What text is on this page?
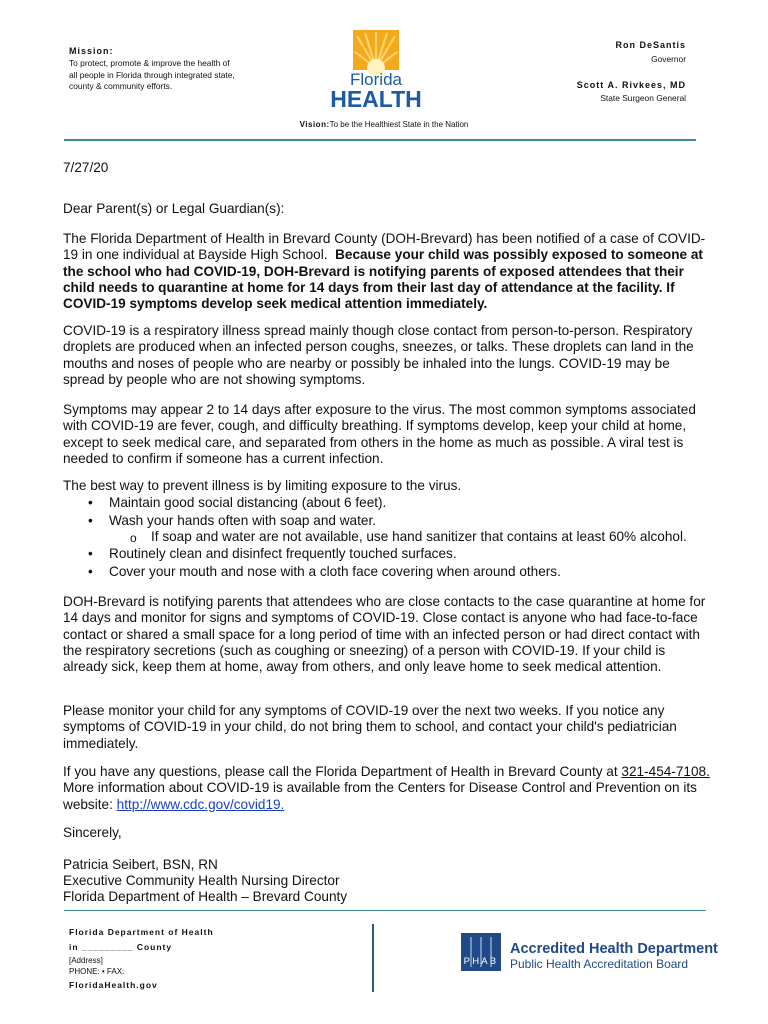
Mission:
To protect, promote & improve the health of all people in Florida through integrated state, county & community efforts.	Florida
HEALTH
Ron DeSantis
Governor
Scott A. Rivkees, MD
State Surgeon General
Vision:To be the Healthiest State in the Nation
7/27/20
Dear Parent(s) or Legal Guardian(s):
The Florida Department of Health in Brevard County (DOH-Brevard) has been notified of a case of COVID-19 in one individual at Bayside High School. Because your child was possibly exposed to someone at the school who had COVID-19, DOH-Brevard is notifying parents of exposed attendees that their child needs to quarantine at home for 14 days from their last day of attendance at the facility. If COVID-19 symptoms develop seek medical attention immediately.
COVID-19 is a respiratory illness spread mainly though close contact from person-to-person. Respiratory droplets are produced when an infected person coughs, sneezes, or talks. These droplets can land in the mouths and noses of people who are nearby or possibly be inhaled into the lungs. COVID-19 may be spread by people who are not showing symptoms.
Symptoms may appear 2 to 14 days after exposure to the virus. The most common symptoms associated with COVID-19 are fever, cough, and difficulty breathing. If symptoms develop, keep your child at home, except to seek medical care, and separated from others in the home as much as possible. A viral test is needed to confirm if someone has a current infection.
The best way to prevent illness is by limiting exposure to the virus.
• Maintain good social distancing (about 6 feet).
• Wash your hands often with soap and water.
o If soap and water are not available, use hand sanitizer that contains at least 60% alcohol.
• Routinely clean and disinfect frequently touched surfaces.
• Cover your mouth and nose with a cloth face covering when around others.
DOH-Brevard is notifying parents that attendees who are close contacts to the case quarantine at home for 14 days and monitor for signs and symptoms of COVID-19. Close contact is anyone who had face-to-face contact or shared a small space for a long period of time with an infected person or had direct contact with the respiratory secretions (such as coughing or sneezing) of a person with COVID-19. If your child is already sick, keep them at home, away from others, and only leave home to seek medical attention.
Please monitor your child for any symptoms of COVID-19 over the next two weeks. If you notice any symptoms of COVID-19 in your child, do not bring them to school, and contact your child's pediatrician immediately.
If you have any questions, please call the Florida Department of Health in Brevard County at 321-454-7108. More information about COVID-19 is available from the Centers for Disease Control and Prevention on its website: http://www.cdc.gov/covid19.
Sincerely,
Patricia Seibert, BSN, RN
Executive Community Health Nursing Director
Florida Department of Health – Brevard County
Florida Department of Health
in _________ County
[Address]
PHONE: • FAX:
FloridaHealth.gov
PHAB
Accredited Health Department
Public Health Accreditation Board
